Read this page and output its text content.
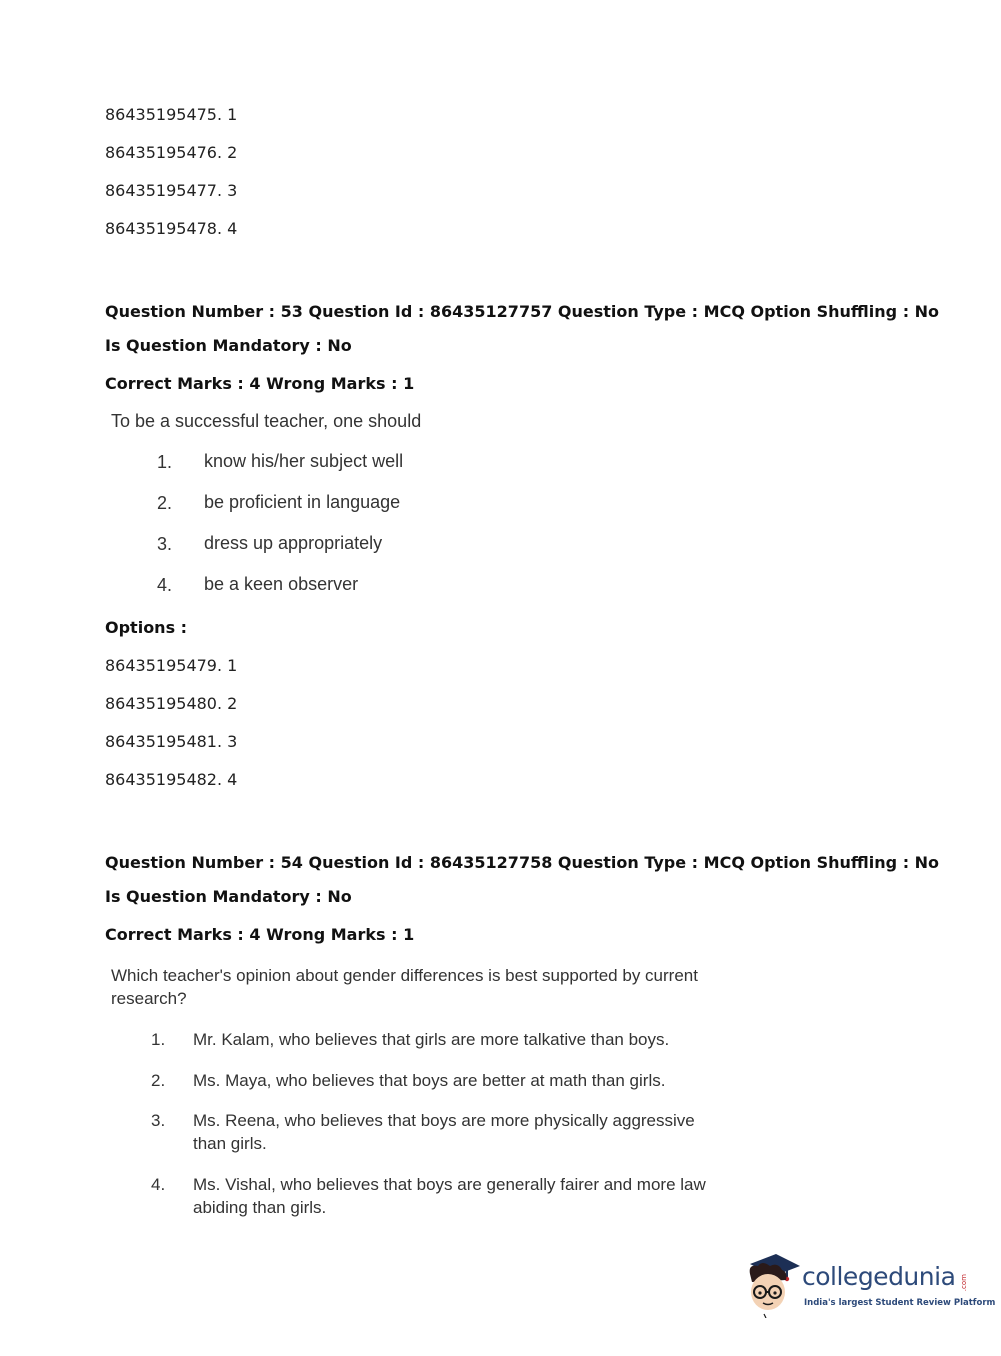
86435195475. 1
86435195476. 2
86435195477. 3
86435195478. 4
Question Number : 53 Question Id : 86435127757 Question Type : MCQ Option Shuffling : No
Is Question Mandatory : No
Correct Marks : 4 Wrong Marks : 1
To be a successful teacher, one should
1. know his/her subject well
2. be proficient in language
3. dress up appropriately
4. be a keen observer
Options :
86435195479. 1
86435195480. 2
86435195481. 3
86435195482. 4
Question Number : 54 Question Id : 86435127758 Question Type : MCQ Option Shuffling : No
Is Question Mandatory : No
Correct Marks : 4 Wrong Marks : 1
Which teacher's opinion about gender differences is best supported by current
research?
1. Mr. Kalam, who believes that girls are more talkative than boys.
2. Ms. Maya, who believes that boys are better at math than girls.
3. Ms. Reena, who believes that boys are more physically aggressive
than girls.
4. Ms. Vishal, who believes that boys are generally fairer and more law
abiding than girls.
collegedunia .com
India's largest Student Review Platform
